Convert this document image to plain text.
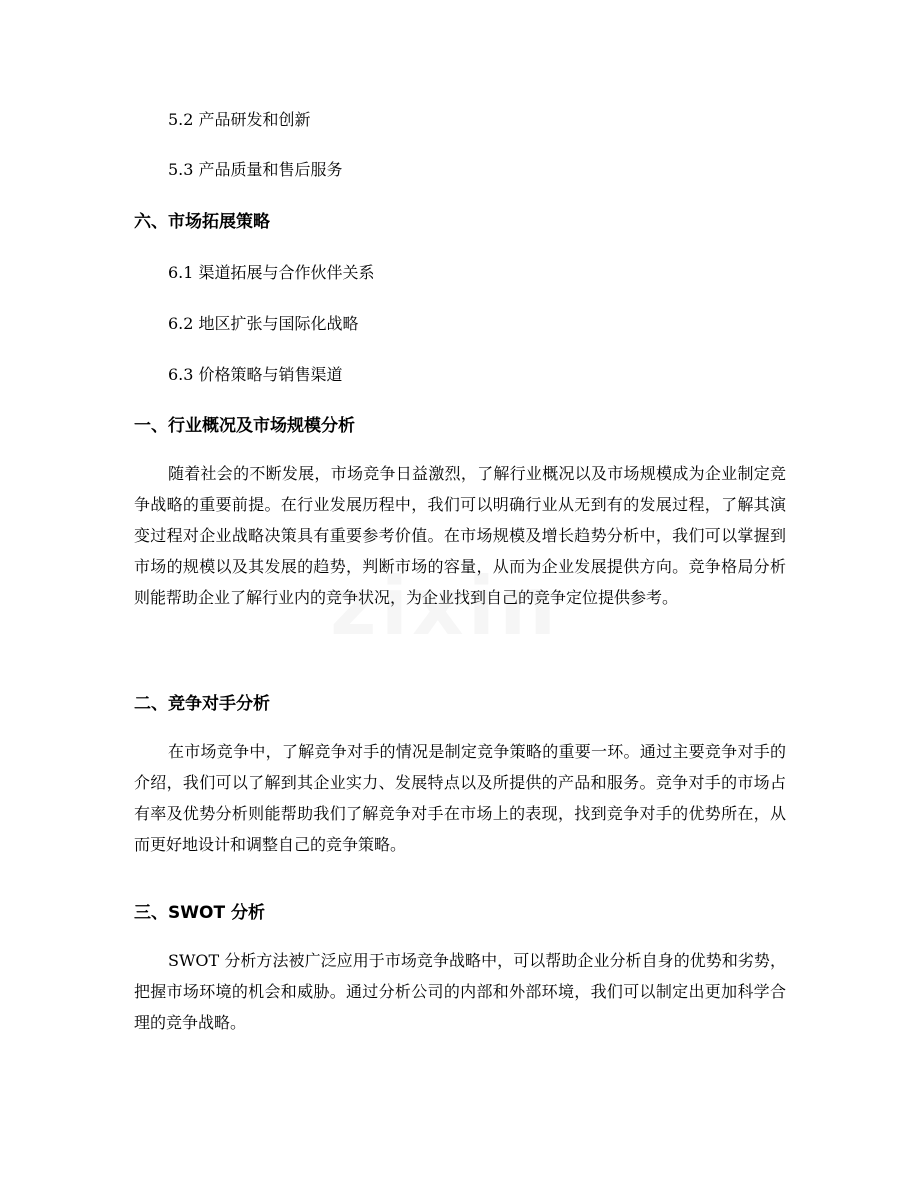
5.2 产品研发和创新
5.3 产品质量和售后服务
六、市场拓展策略
6.1 渠道拓展与合作伙伴关系
6.2 地区扩张与国际化战略
6.3 价格策略与销售渠道
一、行业概况及市场规模分析
随着社会的不断发展，市场竞争日益激烈，了解行业概况以及市场规模成为企业制定竞争战略的重要前提。在行业发展历程中，我们可以明确行业从无到有的发展过程，了解其演变过程对企业战略决策具有重要参考价值。在市场规模及增长趋势分析中，我们可以掌握到市场的规模以及其发展的趋势，判断市场的容量，从而为企业发展提供方向。竞争格局分析则能帮助企业了解行业内的竞争状况，为企业找到自己的竞争定位提供参考。
二、竞争对手分析
在市场竞争中，了解竞争对手的情况是制定竞争策略的重要一环。通过主要竞争对手的介绍，我们可以了解到其企业实力、发展特点以及所提供的产品和服务。竞争对手的市场占有率及优势分析则能帮助我们了解竞争对手在市场上的表现，找到竞争对手的优势所在，从而更好地设计和调整自己的竞争策略。
三、SWOT 分析
SWOT 分析方法被广泛应用于市场竞争战略中，可以帮助企业分析自身的优势和劣势，把握市场环境的机会和威胁。通过分析公司的内部和外部环境，我们可以制定出更加科学合理的竞争战略。
